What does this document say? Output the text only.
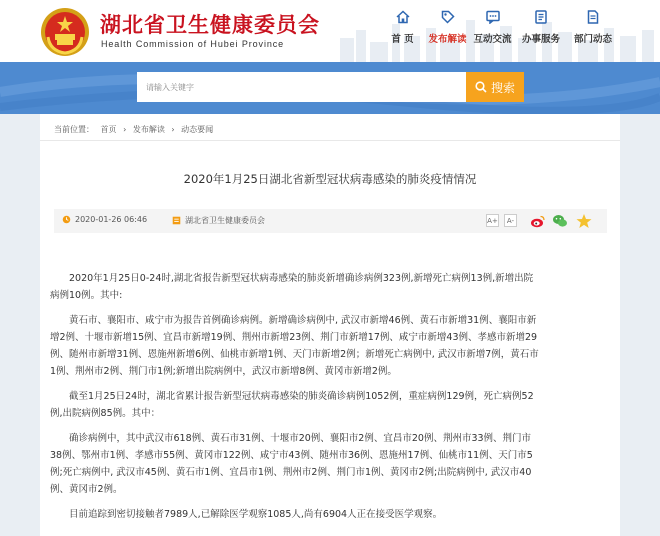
湖北省卫生健康委员会
Health Commission of Hubei Province	首 页 发布解读 互动交流 办事服务 部门动态
请输入关键字	搜索
当前位置： 首页 › 发布解读 › 动态要闻
2020年1月25日湖北省新型冠状病毒感染的肺炎疫情情况
2020-01-26 06:46	湖北省卫生健康委员会	A+	A-

2020年1月25日0-24时,湖北省报告新型冠状病毒感染的肺炎新增确诊病例323例,新增死亡病例13例,新增出院病例10例。其中:

黄石市、襄阳市、咸宁市为报告首例确诊病例。新增确诊病例中, 武汉市新增46例、黄石市新增31例、襄阳市新增2例、十堰市新增15例、宜昌市新增19例、荆州市新增23例、荆门市新增17例、咸宁市新增43例、孝感市新增29例、随州市新增31例、恩施州新增6例、仙桃市新增1例、天门市新增2例；新增死亡病例中, 武汉市新增7例，黄石市1例、荆州市2例、荆门市1例;新增出院病例中，武汉市新增8例、黄冈市新增2例。

截至1月25日24时，湖北省累计报告新型冠状病毒感染的肺炎确诊病例1052例，重症病例129例，死亡病例52例,出院病例85例。其中：

确诊病例中，其中武汉市618例、黄石市31例、十堰市20例、襄阳市2例、宜昌市20例、荆州市33例、荆门市38例、鄂州市1例、孝感市55例、黄冈市122例、咸宁市43例、随州市36例、恩施州17例、仙桃市11例、天门市5例;死亡病例中, 武汉市45例、黄石市1例、宜昌市1例、荆州市2例、荆门市1例、黄冈市2例;出院病例中, 武汉市40例、黄冈市2例。

目前追踪到密切接触者7989人,已解除医学观察1085人,尚有6904人正在接受医学观察。
